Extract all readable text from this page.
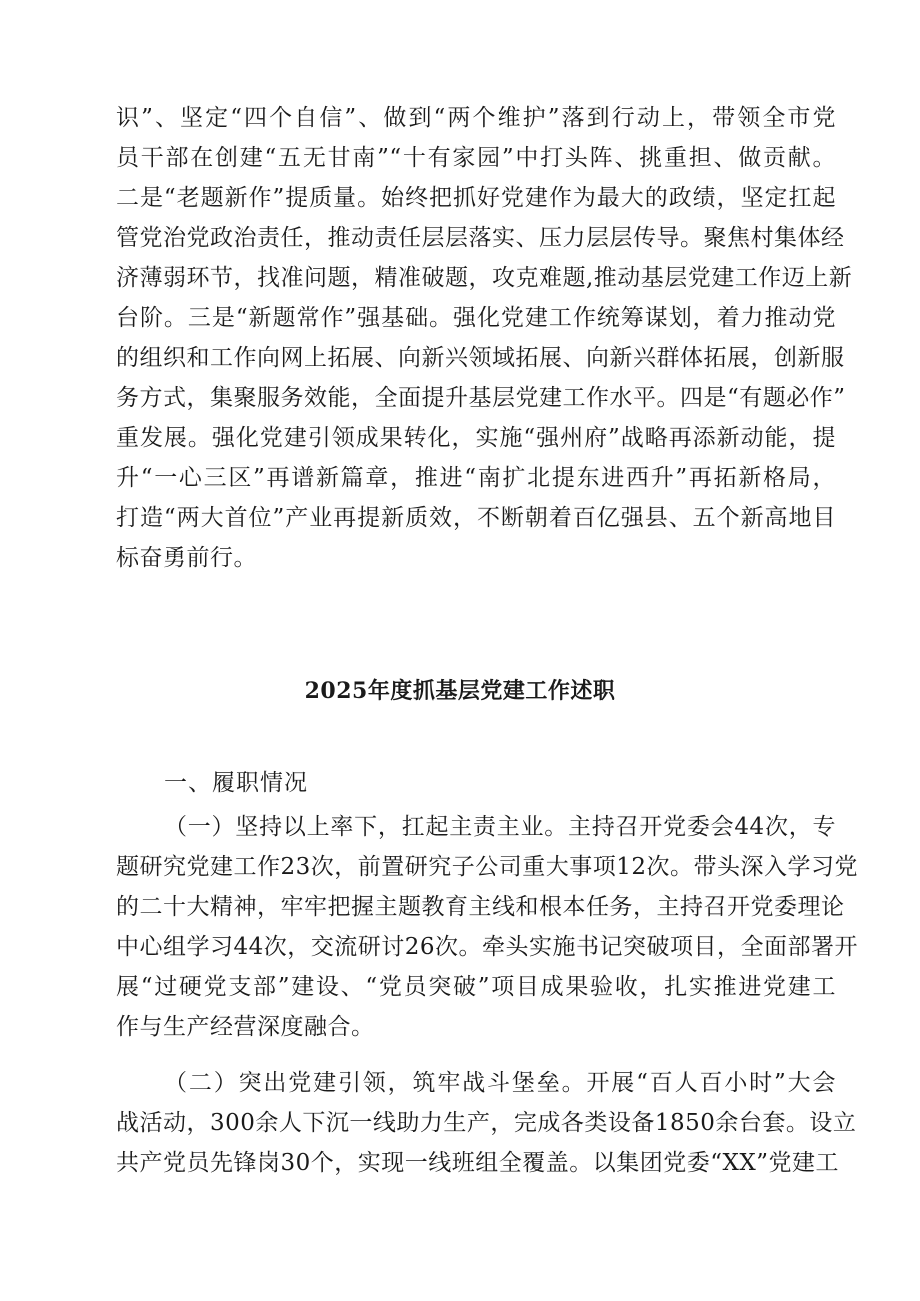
识”、坚定“四个自信”、做到“两个维护”落到行动上，带领全市党
员干部在创建“五无甘南”“十有家园”中打头阵、挑重担、做贡献。
二是“老题新作”提质量。始终把抓好党建作为最大的政绩，坚定扛起
管党治党政治责任，推动责任层层落实、压力层层传导。聚焦村集体经
济薄弱环节，找准问题，精准破题，攻克难题,推动基层党建工作迈上新
台阶。三是“新题常作”强基础。强化党建工作统筹谋划，着力推动党
的组织和工作向网上拓展、向新兴领域拓展、向新兴群体拓展，创新服
务方式，集聚服务效能，全面提升基层党建工作水平。四是“有题必作”
重发展。强化党建引领成果转化，实施“强州府”战略再添新动能，提
升“一心三区”再谱新篇章，推进“南扩北提东进西升”再拓新格局，
打造“两大首位”产业再提新质效，不断朝着百亿强县、五个新高地目
标奋勇前行。
2025年度抓基层党建工作述职
一、履职情况
（一）坚持以上率下，扛起主责主业。主持召开党委会44次，专
题研究党建工作23次，前置研究子公司重大事项12次。带头深入学习党
的二十大精神，牢牢把握主题教育主线和根本任务，主持召开党委理论
中心组学习44次，交流研讨26次。牵头实施书记突破项目，全面部署开
展“过硬党支部”建设、“党员突破”项目成果验收，扎实推进党建工
作与生产经营深度融合。
（二）突出党建引领，筑牢战斗堡垒。开展“百人百小时”大会
战活动，300余人下沉一线助力生产，完成各类设备1850余台套。设立
共产党员先锋岗30个，实现一线班组全覆盖。以集团党委“XX”党建工
